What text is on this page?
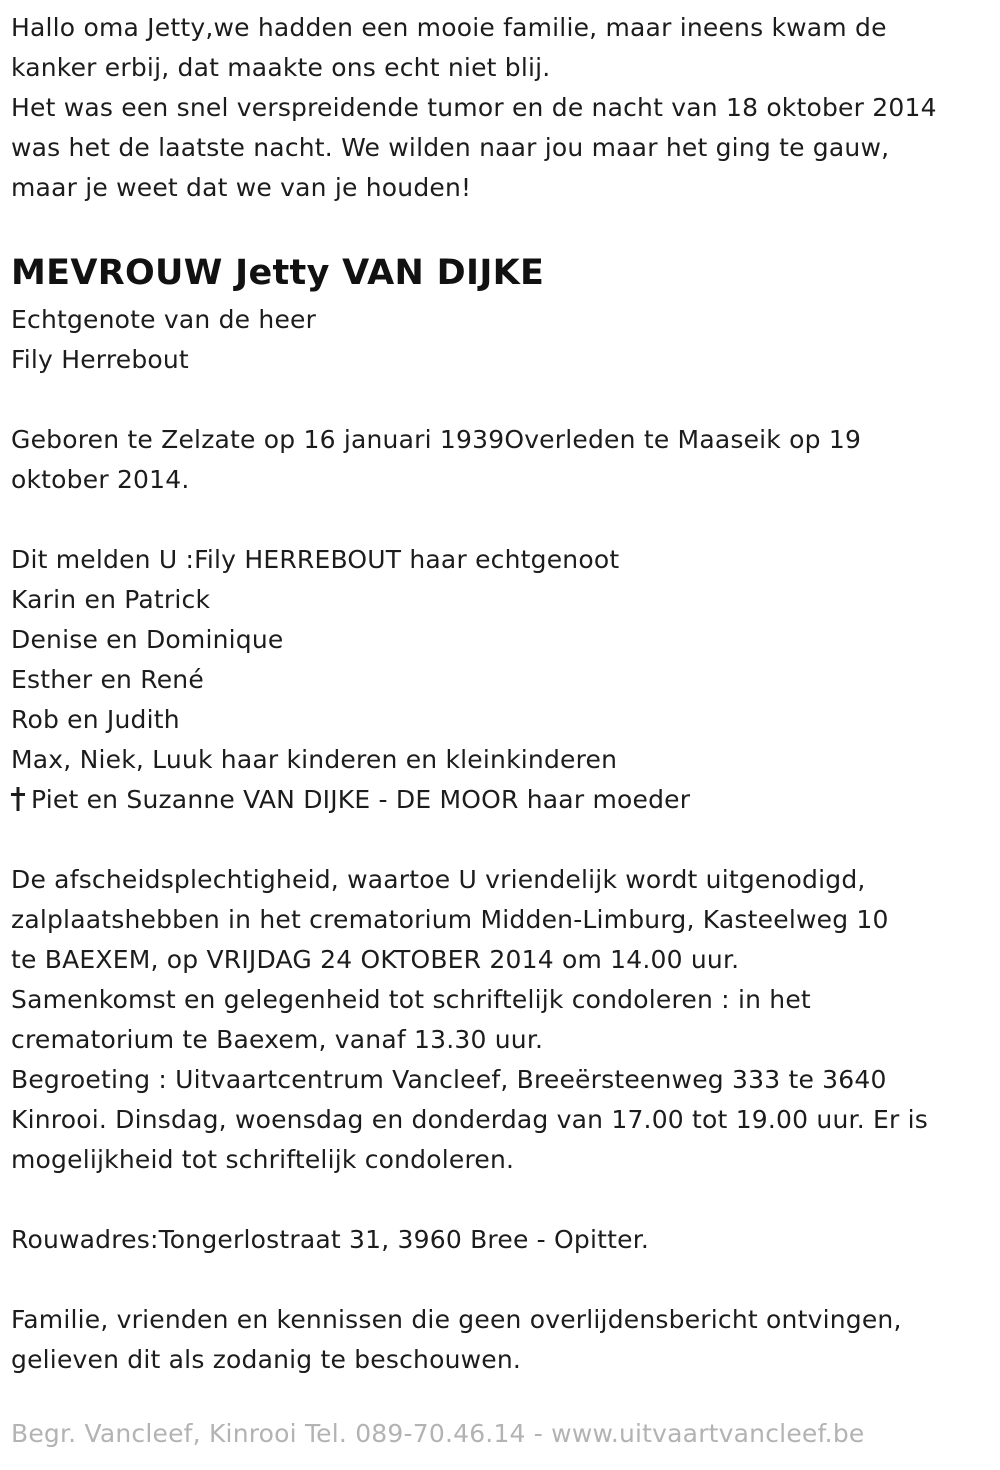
Hallo oma Jetty,we hadden een mooie familie, maar ineens kwam de
kanker erbij, dat maakte ons echt niet blij.
Het was een snel verspreidende tumor en de nacht van 18 oktober 2014
was het de laatste nacht. We wilden naar jou maar het ging te gauw,
maar je weet dat we van je houden!
MEVROUW Jetty VAN DIJKE
Echtgenote van de heer
Fily Herrebout
Geboren te Zelzate op 16 januari 1939Overleden te Maaseik op 19
oktober 2014.
Dit melden U :Fily HERREBOUT haar echtgenoot
Karin en Patrick
Denise en Dominique
Esther en René
Rob en Judith
Max, Niek, Luuk haar kinderen en kleinkinderen
Piet en Suzanne VAN DIJKE - DE MOOR haar moeder
De afscheidsplechtigheid, waartoe U vriendelijk wordt uitgenodigd,
zalplaatshebben in het crematorium Midden-Limburg, Kasteelweg 10
te BAEXEM, op VRIJDAG 24 OKTOBER 2014 om 14.00 uur.
Samenkomst en gelegenheid tot schriftelijk condoleren : in het
crematorium te Baexem, vanaf 13.30 uur.
Begroeting : Uitvaartcentrum Vancleef, Breeërsteenweg 333 te 3640
Kinrooi. Dinsdag, woensdag en donderdag van 17.00 tot 19.00 uur. Er is
mogelijkheid tot schriftelijk condoleren.
Rouwadres:Tongerlostraat 31, 3960 Bree - Opitter.
Familie, vrienden en kennissen die geen overlijdensbericht ontvingen,
gelieven dit als zodanig te beschouwen.
Begr. Vancleef, Kinrooi Tel. 089-70.46.14 - www.uitvaartvancleef.be
